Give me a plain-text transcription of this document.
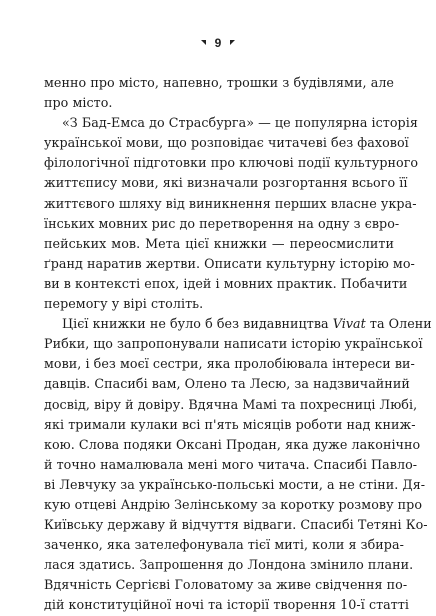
9
менно про місто, напевно, трошки з будівлями, але
про місто.
«З Бад-Емса до Страсбурга» — це популярна історія
української мови, що розповідає читачеві без фахової
філологічної підготовки про ключові події культурного
життєпису мови, які визначали розгортання всього її
життєвого шляху від виникнення перших власне укра-
їнських мовних рис до перетворення на одну з євро-
пейських мов. Мета цієї книжки — переосмислити
ґранд наратив жертви. Описати культурну історію мо-
ви в контексті епох, ідей і мовних практик. Побачити
перемогу у вірі століть.
Цієї книжки не було б без видавництва Vivat та Олени
Рибки, що запропонували написати історію української
мови, і без моєї сестри, яка пролобіювала інтереси ви-
давців. Спасибі вам, Олено та Лесю, за надзвичайний
досвід, віру й довіру. Вдячна Мамі та похресниці Любі,
які тримали кулаки всі п'ять місяців роботи над книж-
кою. Слова подяки Оксані Продан, яка дуже лаконічно
й точно намалювала мені мого читача. Спасибі Павло-
ві Левчуку за українсько-польські мости, а не стіни. Дя-
кую отцеві Андрію Зелінському за коротку розмову про
Київську державу й відчуття відваги. Спасибі Тетяні Ко-
заченко, яка зателефонувала тієї миті, коли я збира-
лася здатись. Запрошення до Лондона змінило плани.
Вдячність Сергієві Головатому за живе свідчення по-
дій конституційної ночі та історії творення 10-ї статті
